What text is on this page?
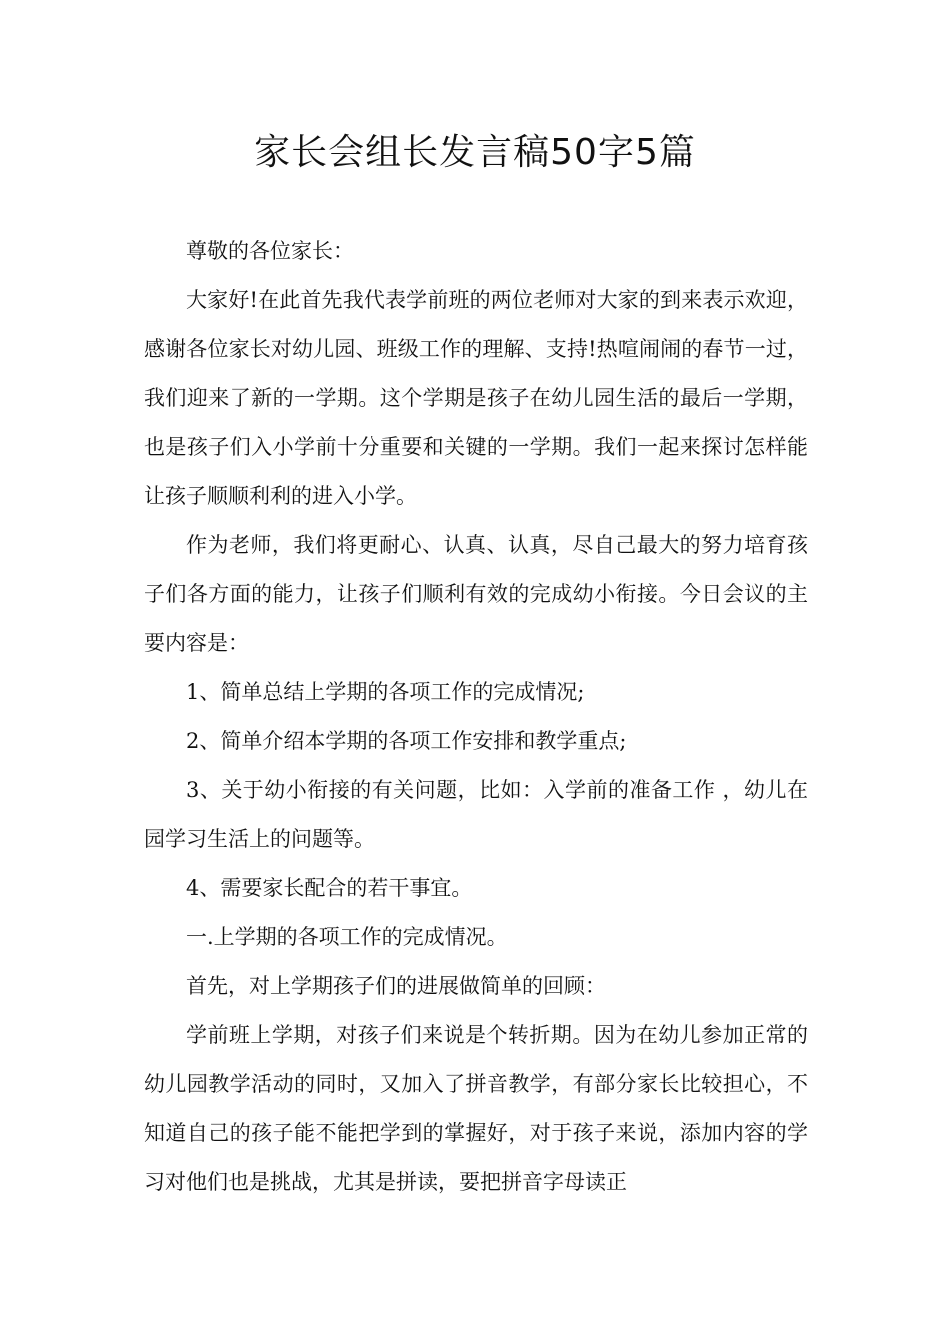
家长会组长发言稿50字5篇

尊敬的各位家长：

大家好!在此首先我代表学前班的两位老师对大家的到来表示欢迎，感谢各位家长对幼儿园、班级工作的理解、支持!热喧闹闹的春节一过，我们迎来了新的一学期。这个学期是孩子在幼儿园生活的最后一学期，也是孩子们入小学前十分重要和关键的一学期。我们一起来探讨怎样能让孩子顺顺利利的进入小学。

作为老师，我们将更耐心、认真、认真，尽自己最大的努力培育孩子们各方面的能力，让孩子们顺利有效的完成幼小衔接。今日会议的主要内容是：

1、简单总结上学期的各项工作的完成情况;

2、简单介绍本学期的各项工作安排和教学重点;

3、关于幼小衔接的有关问题，比如：入学前的准备工作 ，幼儿在园学习生活上的问题等。

4、需要家长配合的若干事宜。

一.上学期的各项工作的完成情况。

首先，对上学期孩子们的进展做简单的回顾：

学前班上学期，对孩子们来说是个转折期。因为在幼儿参加正常的幼儿园教学活动的同时，又加入了拼音教学，有部分家长比较担心，不知道自己的孩子能不能把学到的掌握好，对于孩子来说，添加内容的学习对他们也是挑战，尤其是拼读，要把拼音字母读正
